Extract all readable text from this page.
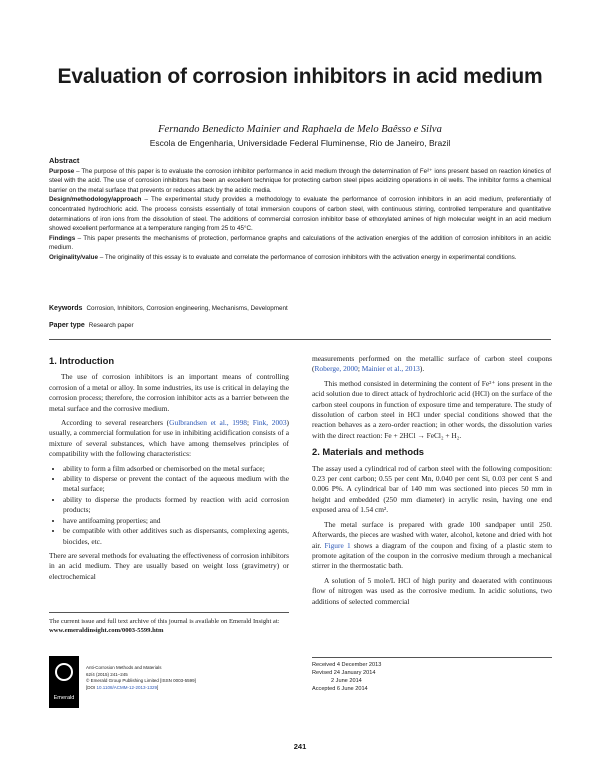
Evaluation of corrosion inhibitors in acid medium
Fernando Benedicto Mainier and Raphaela de Melo Baêsso e Silva
Escola de Engenharia, Universidade Federal Fluminense, Rio de Janeiro, Brazil
Abstract

Purpose – The purpose of this paper is to evaluate the corrosion inhibitor performance in acid medium through the determination of Fe²⁺ ions present based on reaction kinetics of steel with the acid. The use of corrosion inhibitors has been an excellent technique for protecting carbon steel pipes acidizing operations in oil wells. The inhibitor forms a chemical barrier on the metal surface that prevents or reduces attack by the acidic media.

Design/methodology/approach – The experimental study provides a methodology to evaluate the performance of corrosion inhibitors in an acid medium, preferentially of concentrated hydrochloric acid. The process consists essentially of total immersion coupons of carbon steel, with continuous stirring, controlled temperature and quantitative determinations of iron ions from the dissolution of steel. The additions of commercial corrosion inhibitor base of ethoxylated amines of high molecular weight in an acid medium showed excellent performance at a temperature ranging from 25 to 45°C.

Findings – This paper presents the mechanisms of protection, performance graphs and calculations of the activation energies of the addition of corrosion inhibitors in an acidic medium.

Originality/value – The originality of this essay is to evaluate and correlate the performance of corrosion inhibitors with the activation energy in experimental conditions.

Keywords Corrosion, Inhibitors, Corrosion engineering, Mechanisms, Development
Paper type Research paper
1. Introduction

The use of corrosion inhibitors is an important means of controlling corrosion of a metal or alloy. In some industries, its use is critical in delaying the corrosion process; therefore, the corrosion inhibitor acts as a barrier between the metal surface and the corrosive medium.

According to several researchers (Gulbrandsen et al., 1998; Fink, 2003) usually, a commercial formulation for use in inhibiting acidification consists of a mixture of several substances, which have among themselves principles of compatibility with the following characteristics:

• ability to form a film adsorbed or chemisorbed on the metal surface;
• ability to disperse or prevent the contact of the aqueous medium with the metal surface;
• ability to disperse the products formed by reaction with acid corrosion products;
• have antifoaming properties; and
• be compatible with other additives such as dispersants, complexing agents, biocides, etc.

There are several methods for evaluating the effectiveness of corrosion inhibitors in an acid medium. They are usually based on weight loss (gravimetry) or electrochemical

measurements performed on the metallic surface of carbon steel coupons (Roberge, 2000; Mainier et al., 2013).

This method consisted in determining the content of Fe²⁺ ions present in the acid solution due to direct attack of hydrochloric acid (HCl) on the surface of the carbon steel coupons in function of exposure time and temperature. The study of dissolution of carbon steel in HCl under special conditions showed that the reaction behaves as a zero-order reaction; in other words, the dissolution varies with the direct reaction: Fe + 2HCl → FeCl₂ + H₂.

2. Materials and methods

The assay used a cylindrical rod of carbon steel with the following composition: 0.23 per cent carbon; 0.55 per cent Mn, 0.040 per cent Si, 0.03 per cent S and 0.006 P%. A cylindrical bar of 140 mm was sectioned into pieces 50 mm in height and embedded (250 mm diameter) in acrylic resin, having one end exposed area of 1.54 cm².

The metal surface is prepared with grade 100 sandpaper until 250. Afterwards, the pieces are washed with water, alcohol, ketone and dried with hot air. Figure 1 shows a diagram of the coupon and fixing of a plastic stem to promote agitation of the coupon in the corrosive medium through a mechanical stirrer in the thermostatic bath.

A solution of 5 mole/L HCl of high purity and deaerated with continuous flow of nitrogen was used as the corrosive medium. In acidic solutions, two additions of selected commercial

The current issue and full text archive of this journal is available on Emerald Insight at: www.emeraldinsight.com/0003-5599.htm
Emerald
Anti-Corrosion Methods and Materials
62/4 (2015) 241–245
© Emerald Group Publishing Limited [ISSN 0003-5599]
[DOI 10.1108/ACMM-12-2013-1329]
Received 4 December 2013
Revised 24 January 2014
2 June 2014
Accepted 6 June 2014
241
